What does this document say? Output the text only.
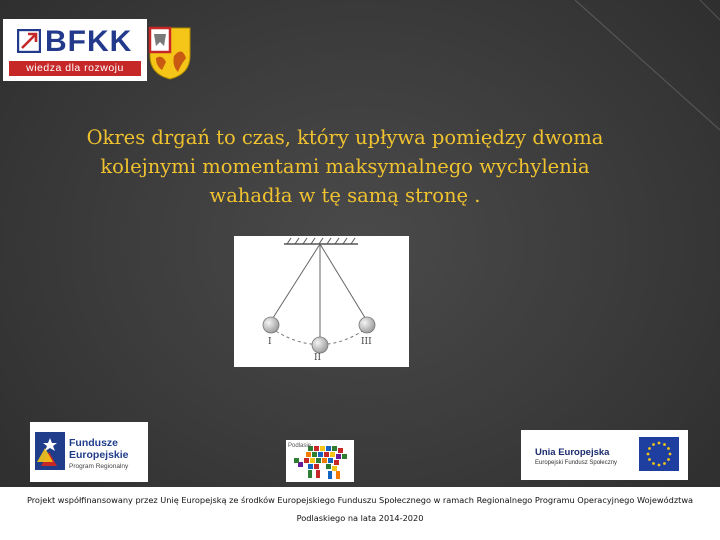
BFKK
wiedza dla rozwoju
Okres drgań to czas, który upływa pomiędzy dwoma kolejnymi momentami maksymalnego wychylenia wahadła w tę samą stronę .
I
II
III
Fundusze
Europejskie
Program Regionalny
Podlasie
Unia Europejska
Europejski Fundusz Społeczny
Projekt współfinansowany przez Unię Europejską ze środków Europejskiego Funduszu Społecznego w ramach Regionalnego Programu Operacyjnego Województwa Podlaskiego na lata 2014-2020
